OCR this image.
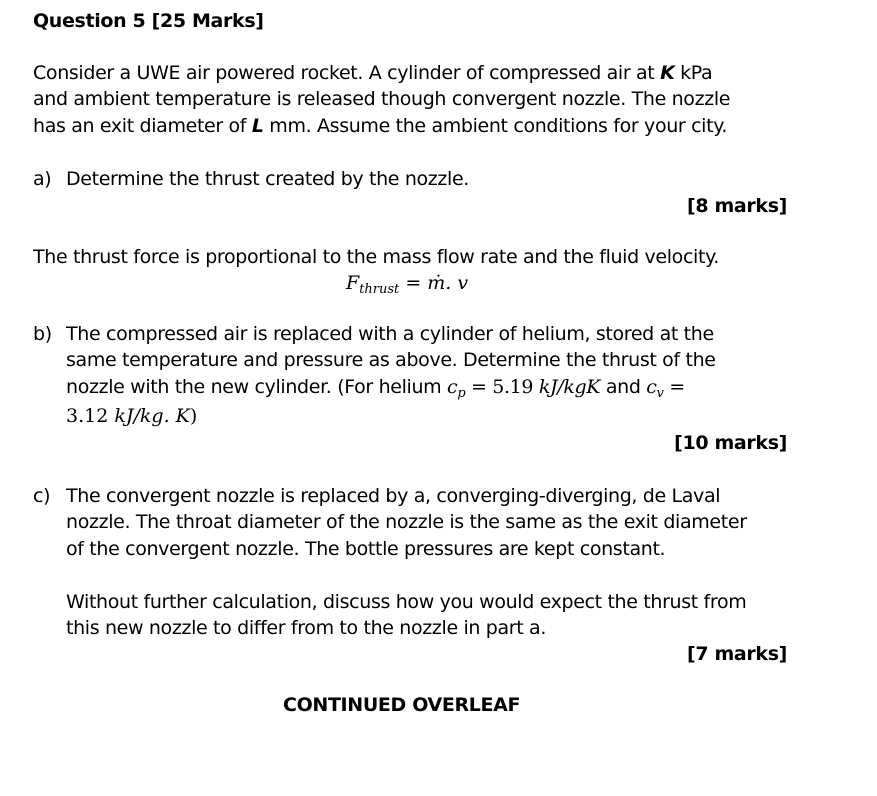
Question 5 [25 Marks]
Consider a UWE air powered rocket. A cylinder of compressed air at K kPa
and ambient temperature is released though convergent nozzle. The nozzle
has an exit diameter of L mm. Assume the ambient conditions for your city.
a) Determine the thrust created by the nozzle.
[8 marks]
The thrust force is proportional to the mass flow rate and the fluid velocity.
$F_{thrust}$ = ṁ. v
b) The compressed air is replaced with a cylinder of helium, stored at the
same temperature and pressure as above. Determine the thrust of the
nozzle with the new cylinder. (For helium $c_p = 5.19$ kJ/kgK and $c_v$ =
3.12 kJ/kg. K)
[10 marks]
c) The convergent nozzle is replaced by a, converging-diverging, de Laval
nozzle. The throat diameter of the nozzle is the same as the exit diameter
of the convergent nozzle. The bottle pressures are kept constant.
Without further calculation, discuss how you would expect the thrust from
this new nozzle to differ from to the nozzle in part a.
[7 marks]
CONTINUED OVERLEAF
